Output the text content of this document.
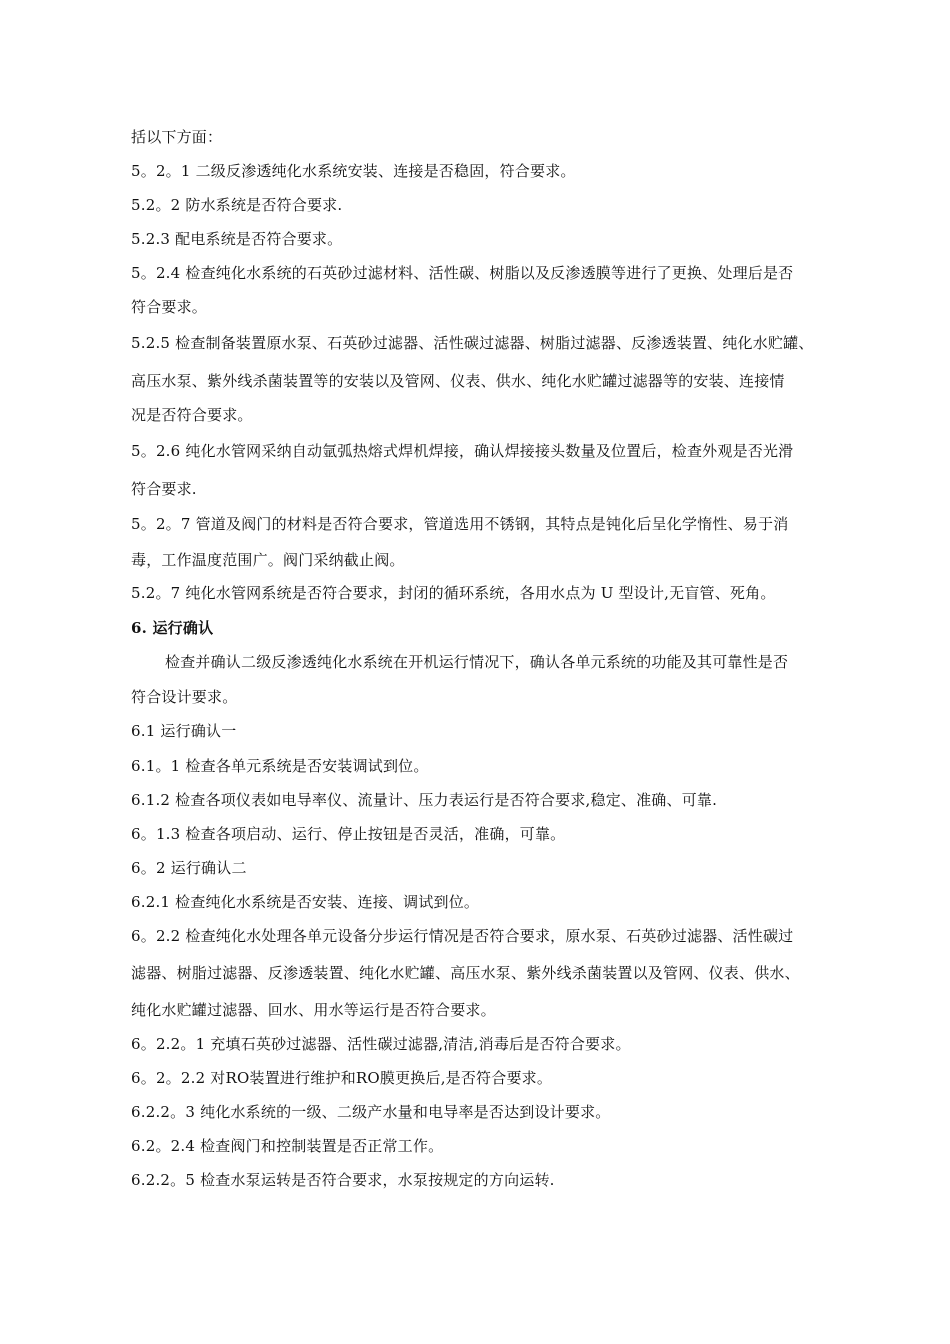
括以下方面：
5。2。1 二级反渗透纯化水系统安装、连接是否稳固，符合要求。
5.2。2 防水系统是否符合要求.
5.2.3 配电系统是否符合要求。
5。2.4 检查纯化水系统的石英砂过滤材料、活性碳、树脂以及反渗透膜等进行了更换、处理后是否
符合要求。
5.2.5 检查制备装置原水泵、石英砂过滤器、活性碳过滤器、树脂过滤器、反渗透装置、纯化水贮罐、
高压水泵、紫外线杀菌装置等的安装以及管网、仪表、供水、纯化水贮罐过滤器等的安装、连接情
况是否符合要求。
5。2.6 纯化水管网采纳自动氩弧热熔式焊机焊接，确认焊接接头数量及位置后，检查外观是否光滑
符合要求.
5。2。7 管道及阀门的材料是否符合要求，管道选用不锈钢，其特点是钝化后呈化学惰性、易于消
毒，工作温度范围广。阀门采纳截止阀。
5.2。7 纯化水管网系统是否符合要求，封闭的循环系统，各用水点为 U 型设计,无盲管、死角。
6. 运行确认
检查并确认二级反渗透纯化水系统在开机运行情况下，确认各单元系统的功能及其可靠性是否
符合设计要求。
6.1 运行确认一
6.1。1 检查各单元系统是否安装调试到位。
6.1.2 检查各项仪表如电导率仪、流量计、压力表运行是否符合要求,稳定、准确、可靠.
6。1.3 检查各项启动、运行、停止按钮是否灵活，准确，可靠。
6。2 运行确认二
6.2.1 检查纯化水系统是否安装、连接、调试到位。
6。2.2 检查纯化水处理各单元设备分步运行情况是否符合要求，原水泵、石英砂过滤器、活性碳过
滤器、树脂过滤器、反渗透装置、纯化水贮罐、高压水泵、紫外线杀菌装置以及管网、仪表、供水、
纯化水贮罐过滤器、回水、用水等运行是否符合要求。
6。2.2。1 充填石英砂过滤器、活性碳过滤器,清洁,消毒后是否符合要求。
6。2。2.2 对RO装置进行维护和RO膜更换后,是否符合要求。
6.2.2。3 纯化水系统的一级、二级产水量和电导率是否达到设计要求。
6.2。2.4 检查阀门和控制装置是否正常工作。
6.2.2。5 检查水泵运转是否符合要求，水泵按规定的方向运转.
